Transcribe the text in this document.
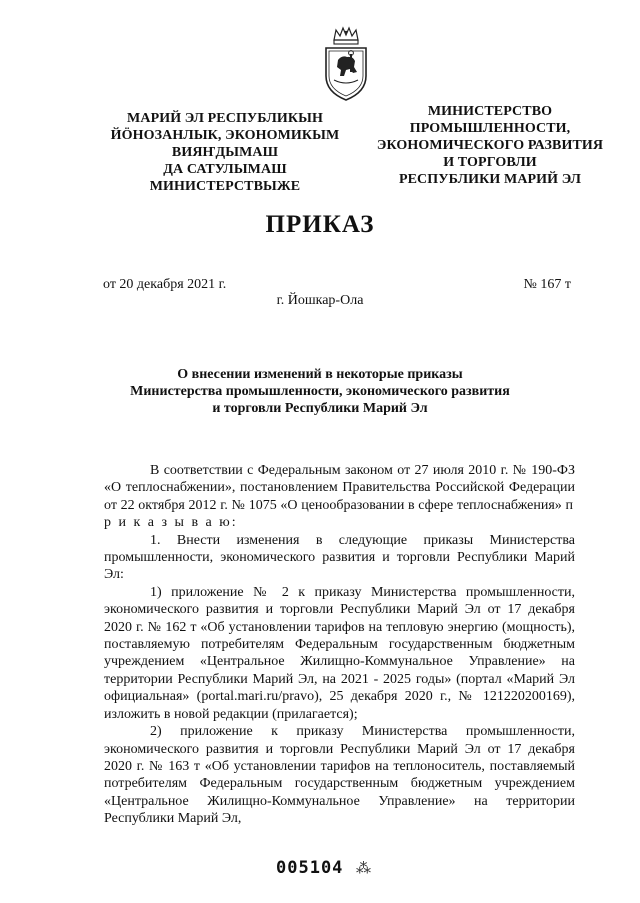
МАРИЙ ЭЛ РЕСПУБЛИКЫН
ЙӦНОЗАНЛЫК, ЭКОНОМИКЫМ
ВИЯҤДЫМАШ
ДА САТУЛЫМАШ
МИНИСТЕРСТВЫЖЕ
МИНИСТЕРСТВО
ПРОМЫШЛЕННОСТИ,
ЭКОНОМИЧЕСКОГО РАЗВИТИЯ
И ТОРГОВЛИ
РЕСПУБЛИКИ МАРИЙ ЭЛ
ПРИКАЗ
от 20 декабря 2021 г.	№ 167 т
г. Йошкар-Ола
О внесении изменений в некоторые приказы
Министерства промышленности, экономического развития
и торговли Республики Марий Эл

В соответствии с Федеральным законом от 27 июля 2010 г. № 190-ФЗ «О теплоснабжении», постановлением Правительства Российской Федерации от 22 октября 2012 г. № 1075 «О ценообразовании в сфере теплоснабжения» п р и к а з ы в а ю:

1. Внести изменения в следующие приказы Министерства промышленности, экономического развития и торговли Республики Марий Эл:

1) приложение № 2 к приказу Министерства промышленности, экономического развития и торговли Республики Марий Эл от 17 декабря 2020 г. № 162 т «Об установлении тарифов на тепловую энергию (мощность), поставляемую потребителям Федеральным государственным бюджетным учреждением «Центральное Жилищно-Коммунальное Управление» на территории Республики Марий Эл, на 2021 - 2025 годы» (портал «Марий Эл официальная» (portal.mari.ru/pravo), 25 декабря 2020 г., № 121220200169), изложить в новой редакции (прилагается);

2) приложение к приказу Министерства промышленности, экономического развития и торговли Республики Марий Эл от 17 декабря 2020 г. № 163 т «Об установлении тарифов на теплоноситель, поставляемый потребителям Федеральным государственным бюджетным учреждением «Центральное Жилищно-Коммунальное Управление» на территории Республики Марий Эл,

005104 ⁂
